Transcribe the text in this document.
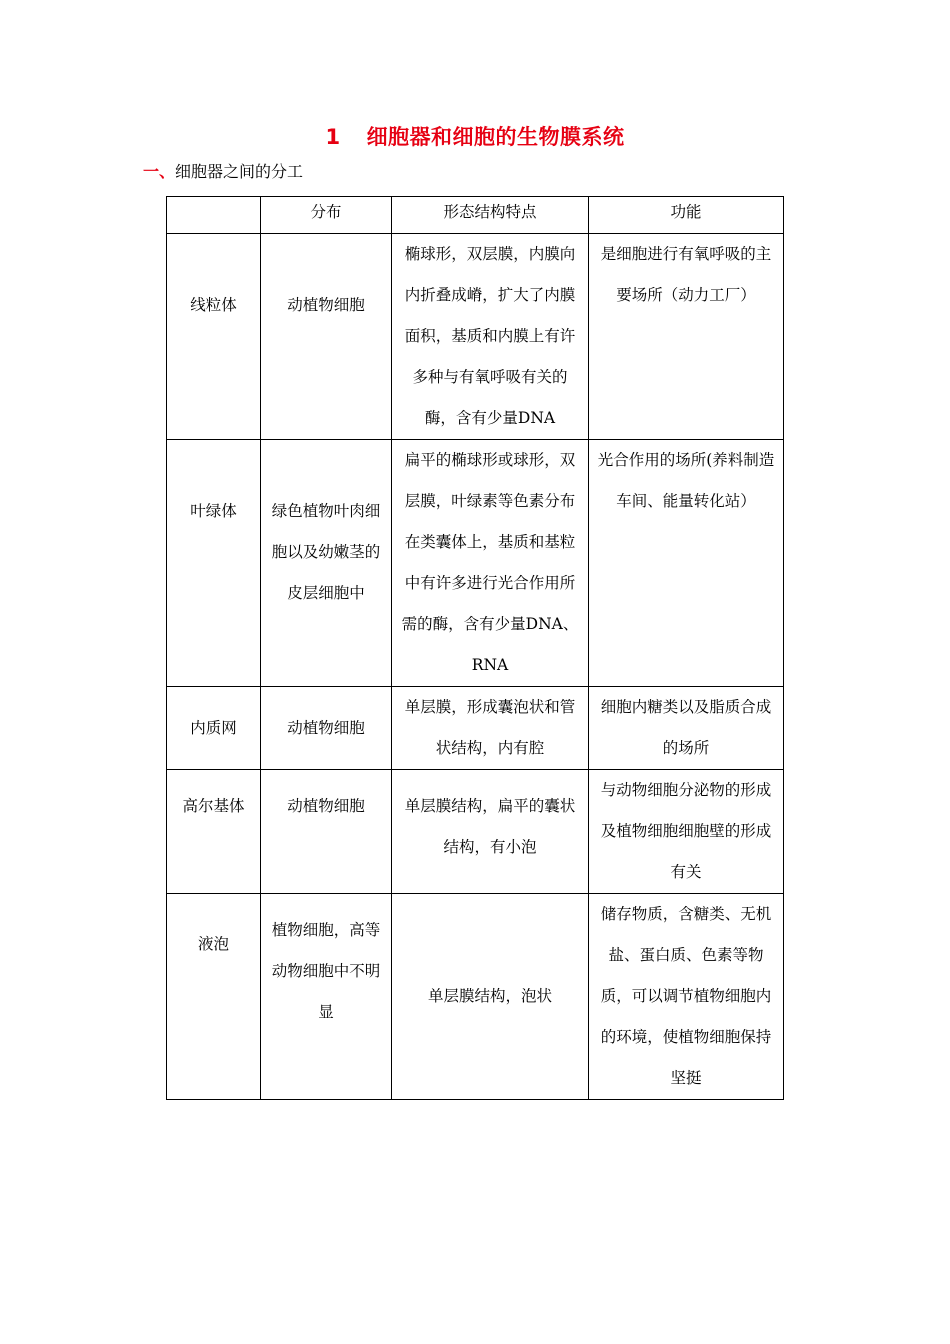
1 细胞器和细胞的生物膜系统
一、细胞器之间的分工
	分布	形态结构特点	功能
线粒体	动植物细胞	椭球形，双层膜，内膜向内折叠成嵴，扩大了内膜面积，基质和内膜上有许多种与有氧呼吸有关的酶，含有少量DNA	是细胞进行有氧呼吸的主要场所（动力工厂）
叶绿体	绿色植物叶肉细胞以及幼嫩茎的皮层细胞中	扁平的椭球形或球形，双层膜，叶绿素等色素分布在类囊体上，基质和基粒中有许多进行光合作用所需的酶，含有少量DNA、RNA	光合作用的场所(养料制造车间、能量转化站）
内质网	动植物细胞	单层膜，形成囊泡状和管状结构，内有腔	细胞内糖类以及脂质合成的场所
高尔基体	动植物细胞	单层膜结构，扁平的囊状结构，有小泡	与动物细胞分泌物的形成及植物细胞细胞壁的形成有关
液泡	植物细胞，高等动物细胞中不明显	单层膜结构，泡状	储存物质，含糖类、无机盐、蛋白质、色素等物质，可以调节植物细胞内的环境，使植物细胞保持坚挺
